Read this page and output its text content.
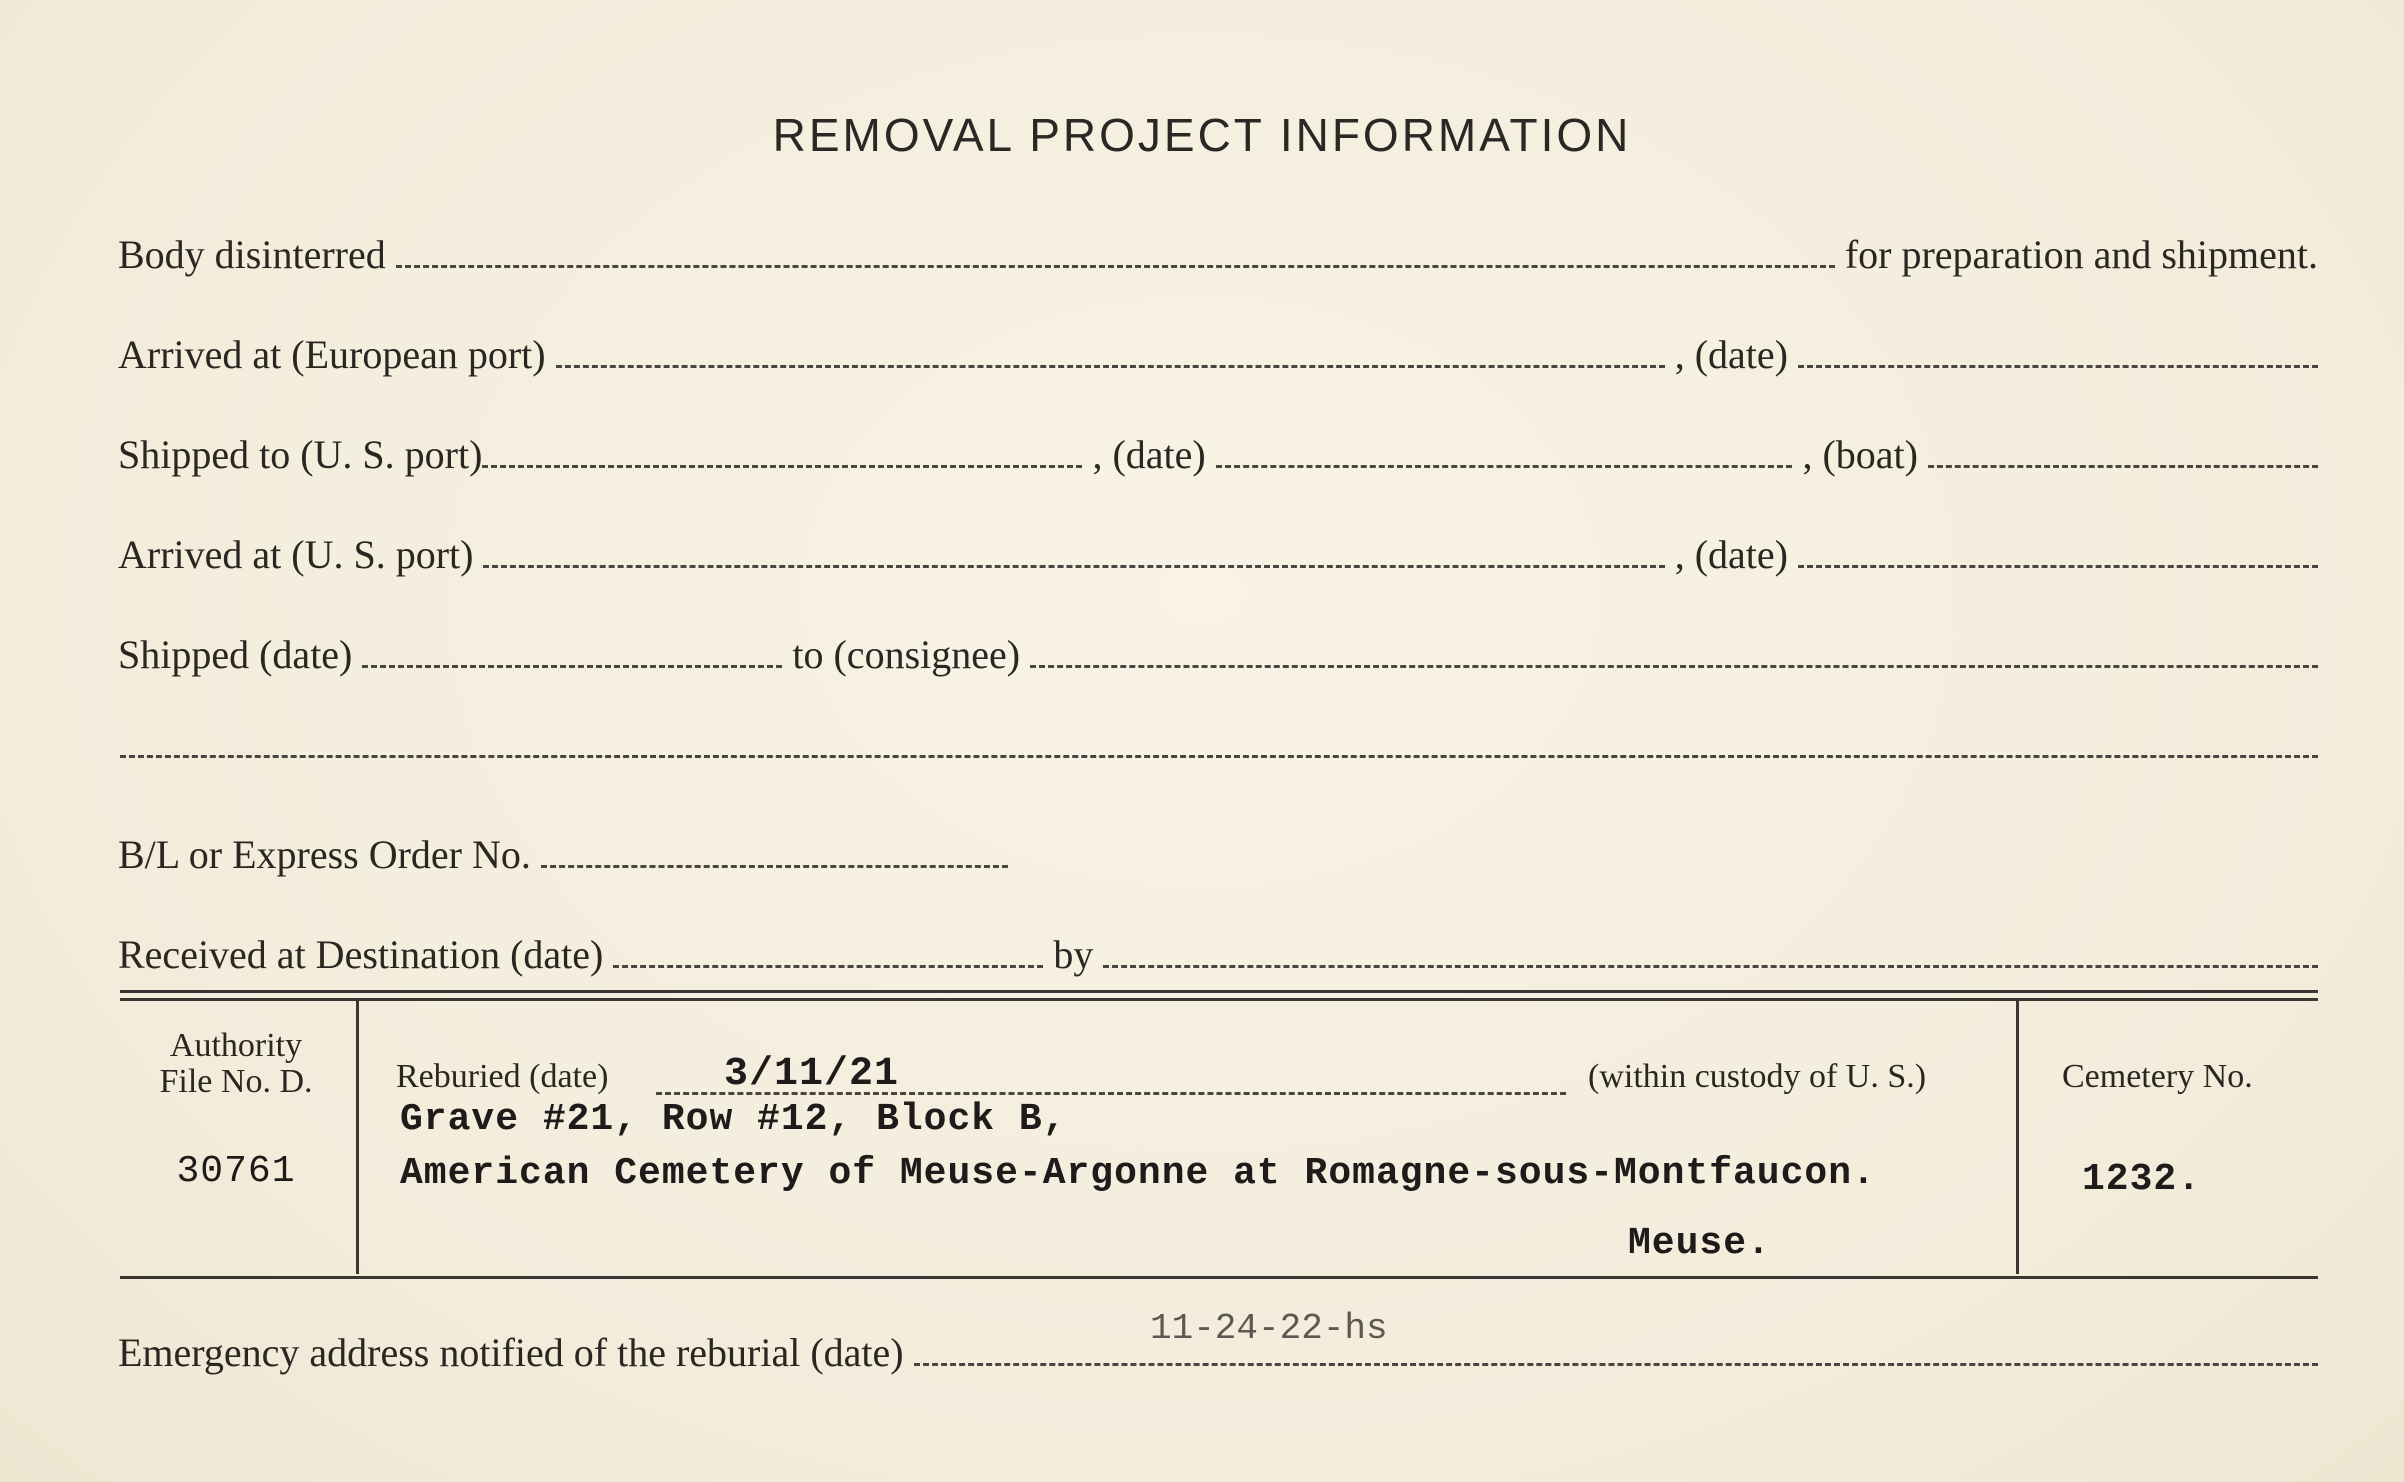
REMOVAL PROJECT INFORMATION
Body disinterred	for preparation and shipment.
Arrived at (European port)	, (date)
Shipped to (U. S. port)	, (date)	, (boat)
Arrived at (U. S. port)	, (date)
Shipped (date)	to (consignee)
B/L or Express Order No.
Received at Destination (date)	by
Authority
File No. D.
30761
Reburied (date)	3/11/21	(within custody of U. S.)
Grave #21, Row #12, Block B,
American Cemetery of Meuse-Argonne at Romagne-sous-Montfaucon.
Meuse.
Cemetery No.
1232.
Emergency address notified of the reburial (date)
11-24-22-hs
